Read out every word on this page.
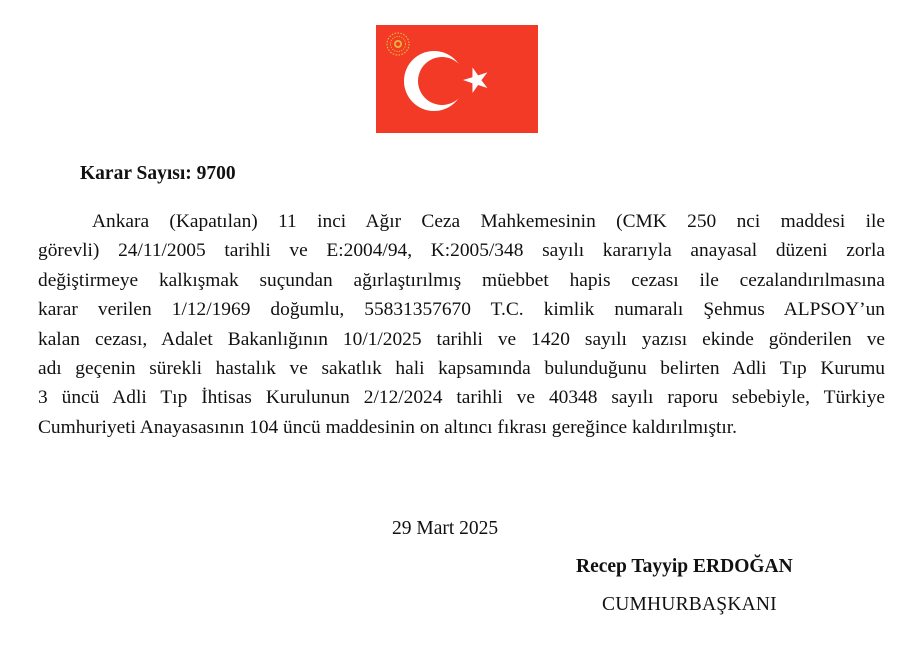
Karar Sayısı: 9700
Ankara (Kapatılan) 11 inci Ağır Ceza Mahkemesinin (CMK 250 nci maddesi ile
görevli) 24/11/2005 tarihli ve E:2004/94, K:2005/348 sayılı kararıyla anayasal düzeni zorla
değiştirmeye kalkışmak suçundan ağırlaştırılmış müebbet hapis cezası ile cezalandırılmasına
karar verilen 1/12/1969 doğumlu, 55831357670 T.C. kimlik numaralı Şehmus ALPSOY’un
kalan cezası, Adalet Bakanlığının 10/1/2025 tarihli ve 1420 sayılı yazısı ekinde gönderilen ve
adı geçenin sürekli hastalık ve sakatlık hali kapsamında bulunduğunu belirten Adli Tıp Kurumu
3 üncü Adli Tıp İhtisas Kurulunun 2/12/2024 tarihli ve 40348 sayılı raporu sebebiyle, Türkiye
Cumhuriyeti Anayasasının 104 üncü maddesinin on altıncı fıkrası gereğince kaldırılmıştır.
29 Mart 2025
Recep Tayyip ERDOĞAN
CUMHURBAŞKANI
